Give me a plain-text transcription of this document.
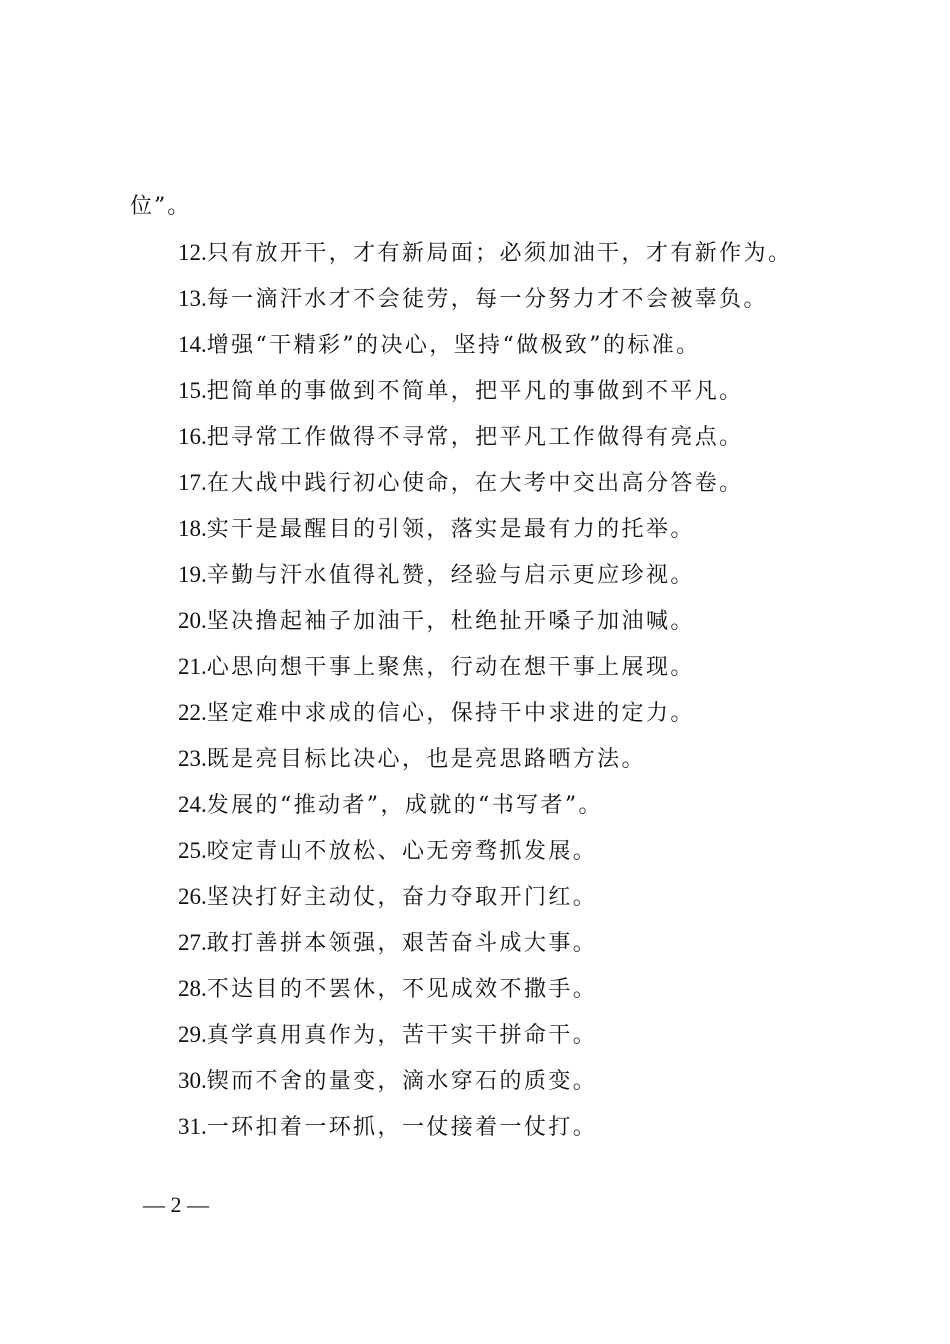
位”。
12.只有放开干，才有新局面；必须加油干，才有新作为。
13.每一滴汗水才不会徒劳，每一分努力才不会被辜负。
14.增强“干精彩”的决心，坚持“做极致”的标准。
15.把简单的事做到不简单，把平凡的事做到不平凡。
16.把寻常工作做得不寻常，把平凡工作做得有亮点。
17.在大战中践行初心使命，在大考中交出高分答卷。
18.实干是最醒目的引领，落实是最有力的托举。
19.辛勤与汗水值得礼赞，经验与启示更应珍视。
20.坚决撸起袖子加油干，杜绝扯开嗓子加油喊。
21.心思向想干事上聚焦，行动在想干事上展现。
22.坚定难中求成的信心，保持干中求进的定力。
23.既是亮目标比决心，也是亮思路晒方法。
24.发展的“推动者”，成就的“书写者”。
25.咬定青山不放松、心无旁骛抓发展。
26.坚决打好主动仗，奋力夺取开门红。
27.敢打善拼本领强，艰苦奋斗成大事。
28.不达目的不罢休，不见成效不撒手。
29.真学真用真作为，苦干实干拼命干。
30.锲而不舍的量变，滴水穿石的质变。
31.一环扣着一环抓，一仗接着一仗打。
— 2 —
